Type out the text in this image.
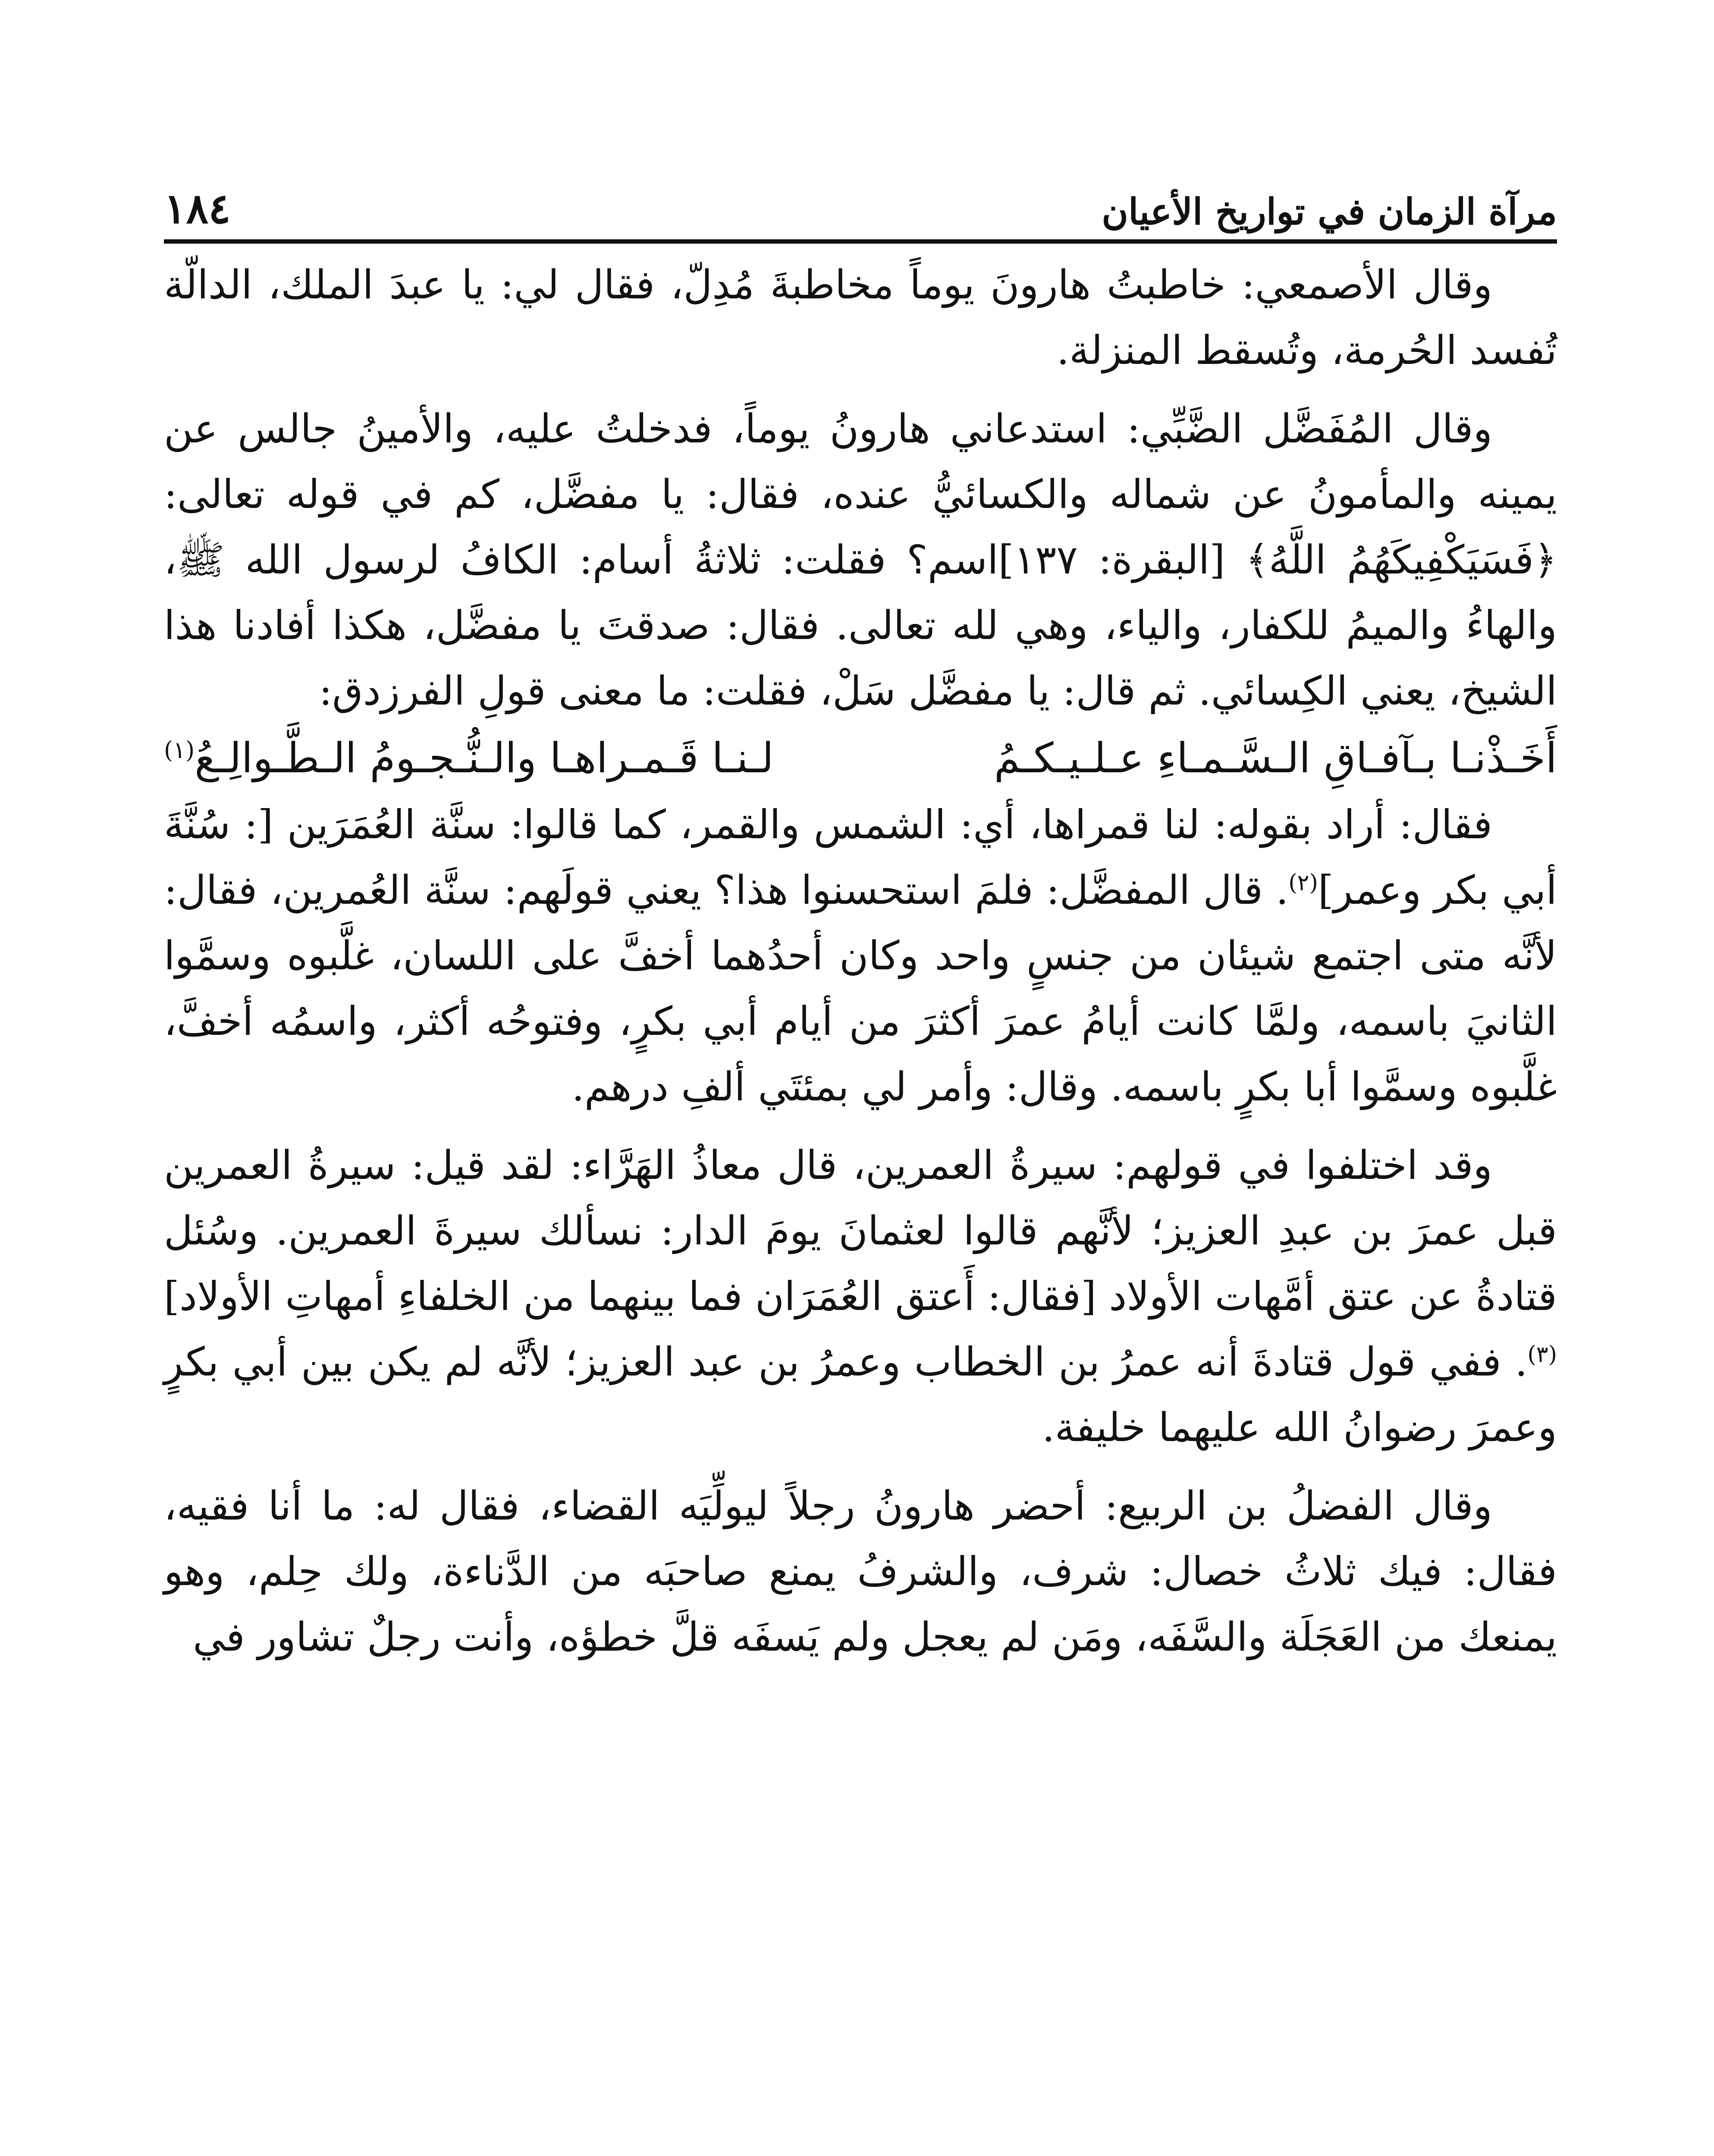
مرآة الزمان في تواريخ الأعيان
١٨٤

وقال الأصمعي: خاطبتُ هارونَ يوماً مخاطبةَ مُدِلّ، فقال لي: يا عبدَ الملك، الدالّة تُفسد الحُرمة، وتُسقط المنزلة.

وقال المُفَضَّل الضَّبِّي: استدعاني هارونُ يوماً، فدخلتُ عليه، والأمينُ جالس عن يمينه والمأمونُ عن شماله والكسائيُّ عنده، فقال: يا مفضَّل، كم في قوله تعالى: ﴿فَسَيَكْفِيكَهُمُ اللَّهُ﴾ [البقرة: ١٣٧]اسم؟ فقلت: ثلاثةُ أسام: الكافُ لرسول الله ﷺ، والهاءُ والميمُ للكفار، والياء، وهي لله تعالى. فقال: صدقتَ يا مفضَّل، هكذا أفادنا هذا الشيخ، يعني الكِسائي. ثم قال: يا مفضَّل سَلْ، فقلت: ما معنى قولِ الفرزدق:

أَخَـذْنـا بـآفـاقِ الـسَّـمـاءِ عـلـيـكـمُ
لـنـا قَـمـراهـا والـنُّـجـومُ الـطَّـوالِـعُ$^{(١)}$

فقال: أراد بقوله: لنا قمراها، أي: الشمس والقمر، كما قالوا: سنَّة العُمَرَين [: سُنَّةَ أبي بكر وعمر]$^{(٢)}$. قال المفضَّل: فلمَ استحسنوا هذا؟ يعني قولَهم: سنَّة العُمرين، فقال: لأنَّه متى اجتمع شيئان من جنسٍ واحد وكان أحدُهما أخفَّ على اللسان، غلَّبوه وسمَّوا الثانيَ باسمه، ولمَّا كانت أيامُ عمرَ أكثرَ من أيام أبي بكرٍ، وفتوحُه أكثر، واسمُه أخفَّ، غلَّبوه وسمَّوا أبا بكرٍ باسمه. وقال: وأمر لي بمئتَي ألفِ درهم.

وقد اختلفوا في قولهم: سيرةُ العمرين، قال معاذُ الهَرَّاء: لقد قيل: سيرةُ العمرين قبل عمرَ بن عبدِ العزيز؛ لأنَّهم قالوا لعثمانَ يومَ الدار: نسألك سيرةَ العمرين. وسُئل قتادةُ عن عتق أمَّهات الأولاد [فقال: أَعتق العُمَرَان فما بينهما من الخلفاءِ أمهاتِ الأولاد]$^{(٣)}$. ففي قول قتادةَ أنه عمرُ بن الخطاب وعمرُ بن عبد العزيز؛ لأنَّه لم يكن بين أبي بكرٍ وعمرَ رضوانُ الله عليهما خليفة.

وقال الفضلُ بن الربيع: أحضر هارونُ رجلاً ليولِّيَه القضاء، فقال له: ما أنا فقيه، فقال: فيك ثلاثُ خصال: شرف، والشرفُ يمنع صاحبَه من الدَّناءة، ولك حِلم، وهو يمنعك من العَجَلَة والسَّفَه، ومَن لم يعجل ولم يَسفَه قلَّ خطؤه، وأنت رجلٌ تشاور في
